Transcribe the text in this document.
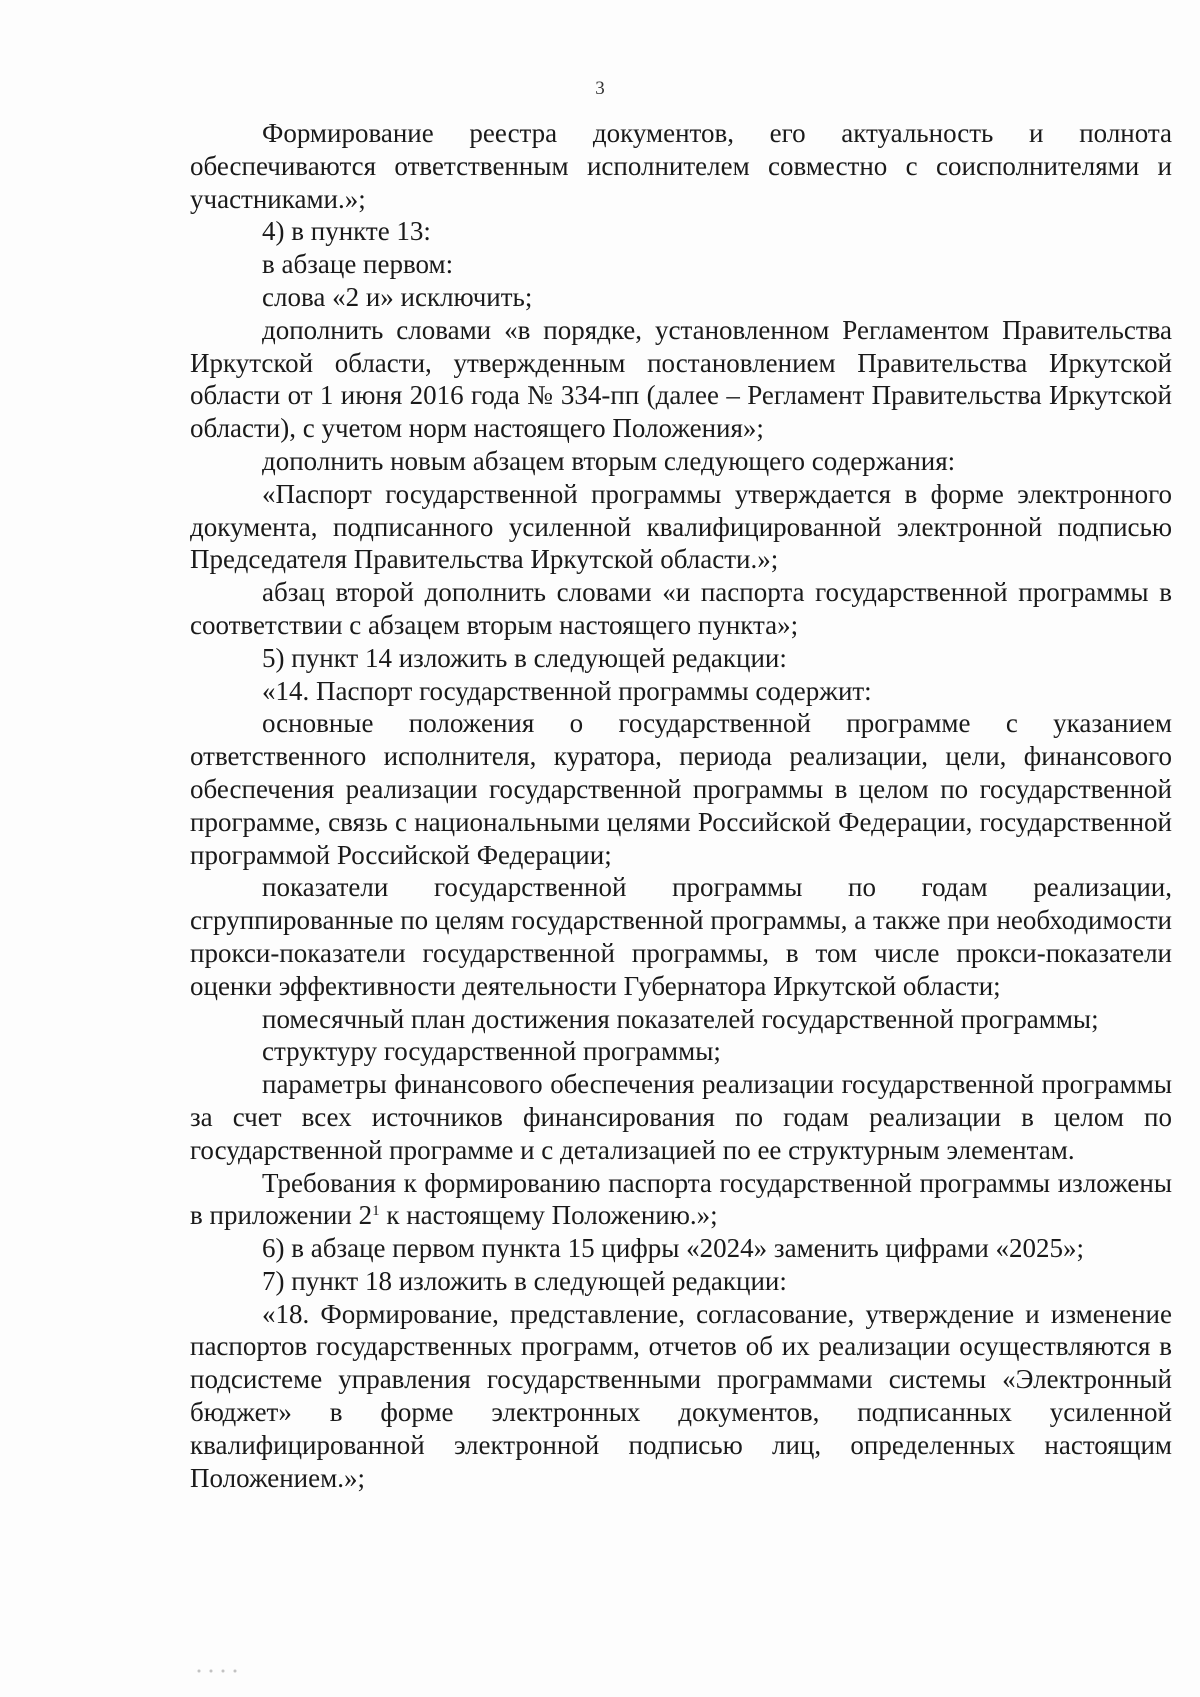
3

Формирование реестра документов, его актуальность и полнота обеспечиваются ответственным исполнителем совместно с соисполнителями и участниками.»;

4) в пункте 13:

в абзаце первом:

слова «2 и» исключить;

дополнить словами «в порядке, установленном Регламентом Правительства Иркутской области, утвержденным постановлением Правительства Иркутской области от 1 июня 2016 года № 334-пп (далее – Регламент Правительства Иркутской области), с учетом норм настоящего Положения»;

дополнить новым абзацем вторым следующего содержания:

«Паспорт государственной программы утверждается в форме электронного документа, подписанного усиленной квалифицированной электронной подписью Председателя Правительства Иркутской области.»;

абзац второй дополнить словами «и паспорта государственной программы в соответствии с абзацем вторым настоящего пункта»;

5) пункт 14 изложить в следующей редакции:

«14. Паспорт государственной программы содержит:

основные положения о государственной программе с указанием ответственного исполнителя, куратора, периода реализации, цели, финансового обеспечения реализации государственной программы в целом по государственной программе, связь с национальными целями Российской Федерации, государственной программой Российской Федерации;

показатели государственной программы по годам реализации, сгруппированные по целям государственной программы, а также при необходимости прокси-показатели государственной программы, в том числе прокси-показатели оценки эффективности деятельности Губернатора Иркутской области;

помесячный план достижения показателей государственной программы;

структуру государственной программы;

параметры финансового обеспечения реализации государственной программы за счет всех источников финансирования по годам реализации в целом по государственной программе и с детализацией по ее структурным элементам.

Требования к формированию паспорта государственной программы изложены в приложении $2^1$ к настоящему Положению.»;

6) в абзаце первом пункта 15 цифры «2024» заменить цифрами «2025»;

7) пункт 18 изложить в следующей редакции:

«18. Формирование, представление, согласование, утверждение и изменение паспортов государственных программ, отчетов об их реализации осуществляются в подсистеме управления государственными программами системы «Электронный бюджет» в форме электронных документов, подписанных усиленной квалифицированной электронной подписью лиц, определенных настоящим Положением.»;
